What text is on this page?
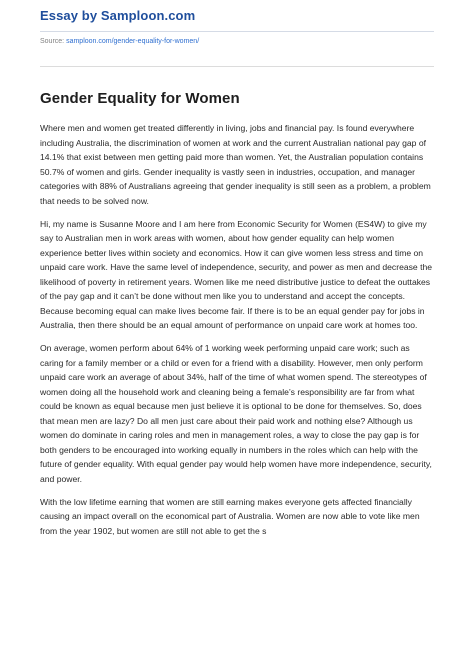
Essay by Samploon.com
Source: samploon.com/gender-equality-for-women/
Gender Equality for Women

Where men and women get treated differently in living, jobs and financial pay. Is found everywhere including Australia, the discrimination of women at work and the current Australian national pay gap of 14.1% that exist between men getting paid more than women. Yet, the Australian population contains 50.7% of women and girls. Gender inequality is vastly seen in industries, occupation, and manager categories with 88% of Australians agreeing that gender inequality is still seen as a problem, a problem that needs to be solved now.

Hi, my name is Susanne Moore and I am here from Economic Security for Women (ES4W) to give my say to Australian men in work areas with women, about how gender equality can help women experience better lives within society and economics. How it can give women less stress and time on unpaid care work. Have the same level of independence, security, and power as men and decrease the likelihood of poverty in retirement years. Women like me need distributive justice to defeat the outtakes of the pay gap and it can’t be done without men like you to understand and accept the concepts. Because becoming equal can make lives become fair. If there is to be an equal gender pay for jobs in Australia, then there should be an equal amount of performance on unpaid care work at homes too.

On average, women perform about 64% of 1 working week performing unpaid care work; such as caring for a family member or a child or even for a friend with a disability. However, men only perform unpaid care work an average of about 34%, half of the time of what women spend. The stereotypes of women doing all the household work and cleaning being a female’s responsibility are far from what could be known as equal because men just believe it is optional to be done for themselves. So, does that mean men are lazy? Do all men just care about their paid work and nothing else? Although us women do dominate in caring roles and men in management roles, a way to close the pay gap is for both genders to be encouraged into working equally in numbers in the roles which can help with the future of gender equality. With equal gender pay would help women have more independence, security, and power.

With the low lifetime earning that women are still earning makes everyone gets affected financially causing an impact overall on the economical part of Australia. Women are now able to vote like men from the year 1902, but women are still not able to get the s
